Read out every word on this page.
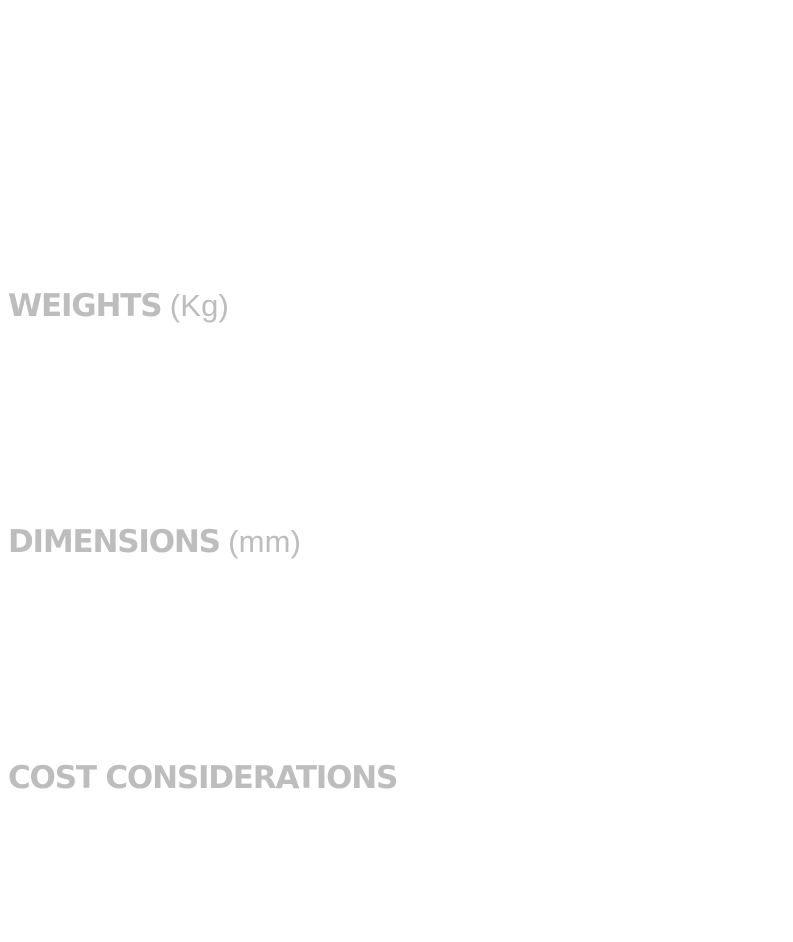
WEIGHTS (Kg)
DIMENSIONS (mm)
COST CONSIDERATIONS
